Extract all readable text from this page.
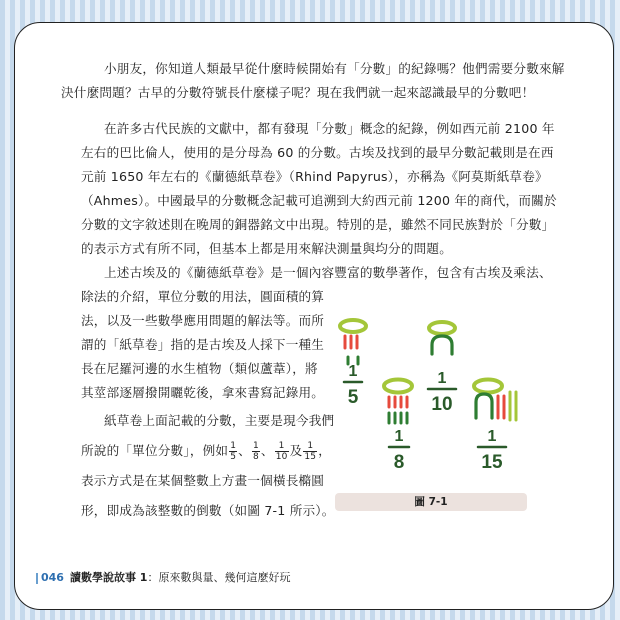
小朋友，你知道人類最早從什麼時候開始有「分數」的紀錄嗎？他們需要分數來解
決什麼問題？古早的分數符號長什麼樣子呢？現在我們就一起來認識最早的分數吧！

在許多古代民族的文獻中，都有發現「分數」概念的紀錄，例如西元前 2100 年
左右的巴比倫人，使用的是分母為 60 的分數。古埃及找到的最早分數記載則是在西
元前 1650 年左右的《蘭德紙草卷》（Rhind Papyrus），亦稱為《阿莫斯紙草卷》
（Ahmes）。中國最早的分數概念記載可追溯到大約西元前 1200 年的商代，而關於
分數的文字敘述則在晚周的銅器銘文中出現。特別的是，雖然不同民族對於「分數」
的表示方式有所不同，但基本上都是用來解決測量與均分的問題。

上述古埃及的《蘭德紙草卷》是一個內容豐富的數學著作，包含有古埃及乘法、
除法的介紹，單位分數的用法，圓面積的算
法，以及一些數學應用問題的解法等。而所
謂的「紙草卷」指的是古埃及人採下一種生
長在尼羅河邊的水生植物（類似蘆葦），將
其莖部逐層撥開曬乾後，拿來書寫記錄用。

紙草卷上面記載的分數，主要是現今我們
所說的「單位分數」，例如 $\frac{1}{5}$ 、 $\frac{1}{8}$ 、 $\frac{1}{10}$ 及 $\frac{1}{15}$ ，
表示方式是在某個整數上方畫一個橫長橢圓
形，即成為該整數的倒數（如圖 7-1 所示）。
1
5
1
8
1
10
1
15
圖 7-1
046 讀數學說故事 1：原來數與量、幾何這麼好玩
